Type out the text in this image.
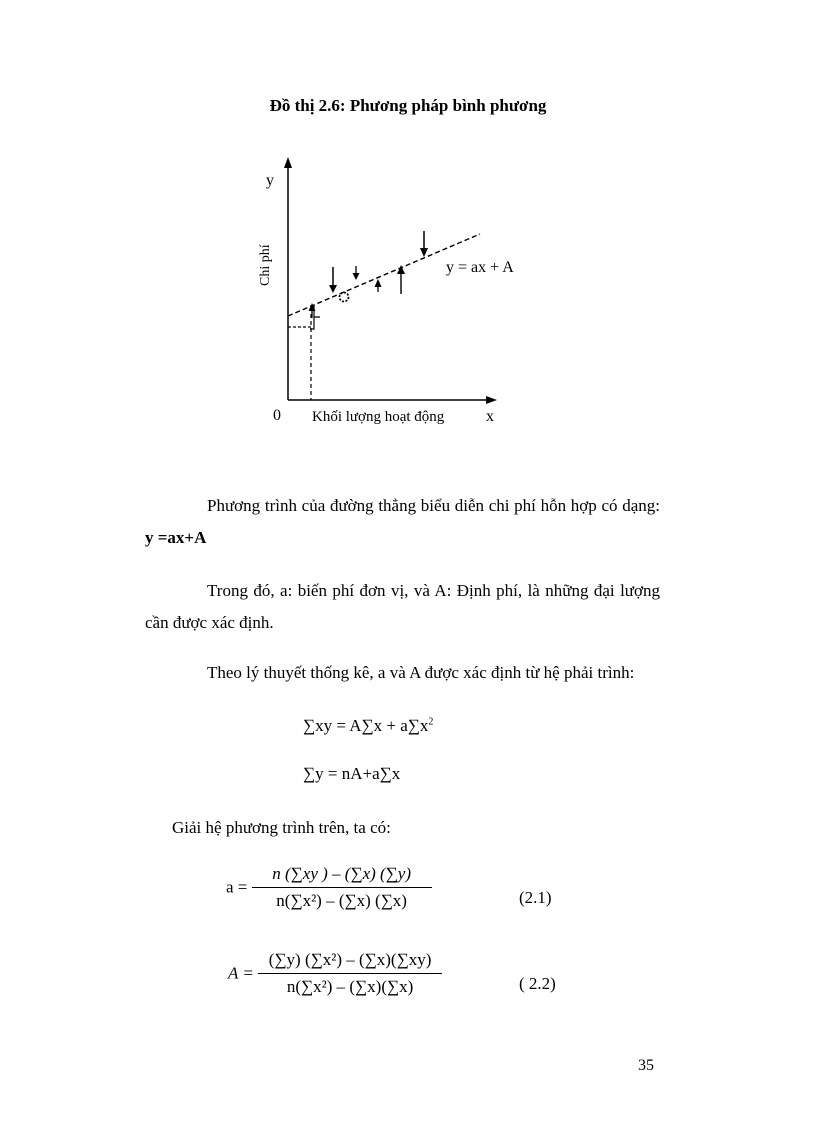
Đồ thị 2.6: Phương pháp bình phương
y
Chi phí
0 Khối lượng hoạt động	x
y = ax + A
Phương trình của đường thẳng biểu diễn chi phí hỗn hợp có dạng: y =ax+A
Trong đó, a: biến phí đơn vị, và A: Định phí, là những đại lượng cần được xác định.
Theo lý thuyết thống kê, a và A được xác định từ hệ phải trình:
$\sum xy = A\sum x + a\sum x^2$
∑y = nA+a∑x
Giải hệ phương trình trên, ta có:
$a = \frac{n (\sum xy ) - (\sum x) (\sum y)}{\text{n(∑x²) – (∑x) (∑x)}}$	(2.1)
$A = \frac{\text{(∑y) (∑x²) – (∑x)(∑xy)}}{\text{n(∑x²) – (∑x)(∑x)}}$	( 2.2)
35
